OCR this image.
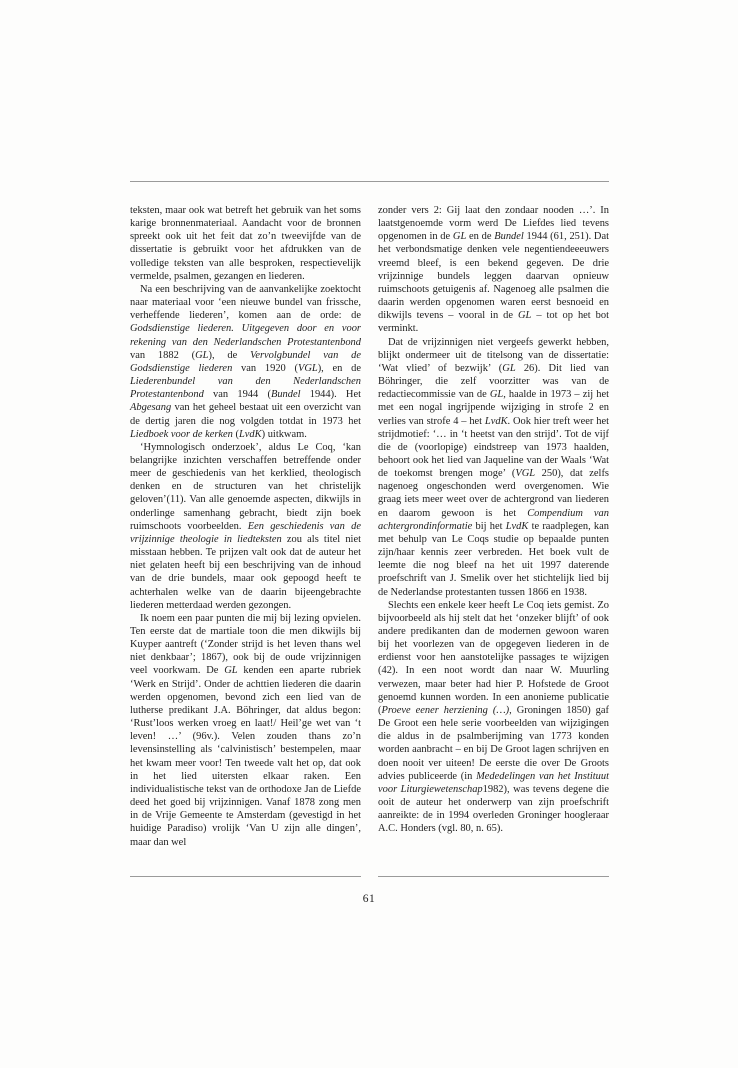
teksten, maar ook wat betreft het gebruik van het soms karige bronnenmateriaal. Aandacht voor de bronnen spreekt ook uit het feit dat zo’n tweevijfde van de dissertatie is gebruikt voor het afdrukken van de volledige teksten van alle besproken, respectievelijk vermelde, psalmen, gezangen en liederen.

Na een beschrijving van de aanvankelijke zoektocht naar materiaal voor ‘een nieuwe bundel van frissche, verheffende liederen’, komen aan de orde: de Godsdienstige liederen. Uitgegeven door en voor rekening van den Nederlandschen Protestantenbond van 1882 (GL), de Vervolgbundel van de Godsdienstige liederen van 1920 (VGL), en de Liederenbundel van den Nederlandschen Protestantenbond van 1944 (Bundel 1944). Het Abgesang van het geheel bestaat uit een overzicht van de dertig jaren die nog volgden totdat in 1973 het Liedboek voor de kerken (LvdK) uitkwam.

‘Hymnologisch onderzoek’, aldus Le Coq, ‘kan belangrijke inzichten verschaffen betreffende onder meer de geschiedenis van het kerklied, theologisch denken en de structuren van het christelijk geloven’(11). Van alle genoemde aspecten, dikwijls in onderlinge samenhang gebracht, biedt zijn boek ruimschoots voorbeelden. Een geschiedenis van de vrijzinnige theologie in liedteksten zou als titel niet misstaan hebben. Te prijzen valt ook dat de auteur het niet gelaten heeft bij een beschrijving van de inhoud van de drie bundels, maar ook gepoogd heeft te achterhalen welke van de daarin bijeengebrachte liederen metterdaad werden gezongen.

Ik noem een paar punten die mij bij lezing opvielen. Ten eerste dat de martiale toon die men dikwijls bij Kuyper aantreft (‘Zonder strijd is het leven thans wel niet denkbaar’; 1867), ook bij de oude vrijzinnigen veel voorkwam. De GL kenden een aparte rubriek ‘Werk en Strijd’. Onder de achttien liederen die daarin werden opgenomen, bevond zich een lied van de lutherse predikant J.A. Böhringer, dat aldus begon: ‘Rust’loos werken vroeg en laat!/ Heil’ge wet van ‘t leven! …’ (96v.). Velen zouden thans zo’n levensinstelling als ‘calvinistisch’ bestempelen, maar het kwam meer voor! Ten tweede valt het op, dat ook in het lied uitersten elkaar raken. Een individualistische tekst van de orthodoxe Jan de Liefde deed het goed bij vrijzinnigen. Vanaf 1878 zong men in de Vrije Gemeente te Amsterdam (gevestigd in het huidige Paradiso) vrolijk ‘Van U zijn alle dingen’, maar dan wel

zonder vers 2: Gij laat den zondaar nooden …’. In laatstgenoemde vorm werd De Liefdes lied tevens opgenomen in de GL en de Bundel 1944 (61, 251). Dat het verbondsmatige denken vele negentiendeeeuwers vreemd bleef, is een bekend gegeven. De drie vrijzinnige bundels leggen daarvan opnieuw ruimschoots getuigenis af. Nagenoeg alle psalmen die daarin werden opgenomen waren eerst besnoeid en dikwijls tevens – vooral in de GL – tot op het bot verminkt.

Dat de vrijzinnigen niet vergeefs gewerkt hebben, blijkt ondermeer uit de titelsong van de dissertatie: ‘Wat vlied’ of bezwijk’ (GL 26). Dit lied van Böhringer, die zelf voorzitter was van de redactiecommissie van de GL, haalde in 1973 – zij het met een nogal ingrijpende wijziging in strofe 2 en verlies van strofe 4 – het LvdK. Ook hier treft weer het strijdmotief: ‘… in ‘t heetst van den strijd’. Tot de vijf die de (voorlopige) eindstreep van 1973 haalden, behoort ook het lied van Jaqueline van der Waals ‘Wat de toekomst brengen moge’ (VGL 250), dat zelfs nagenoeg ongeschonden werd overgenomen. Wie graag iets meer weet over de achtergrond van liederen en daarom gewoon is het Compendium van achtergrondinformatie bij het LvdK te raadplegen, kan met behulp van Le Coqs studie op bepaalde punten zijn/haar kennis zeer verbreden. Het boek vult de leemte die nog bleef na het uit 1997 daterende proefschrift van J. Smelik over het stichtelijk lied bij de Nederlandse protestanten tussen 1866 en 1938.

Slechts een enkele keer heeft Le Coq iets gemist. Zo bijvoorbeeld als hij stelt dat het ‘onzeker blijft’ of ook andere predikanten dan de modernen gewoon waren bij het voorlezen van de opgegeven liederen in de erdienst voor hen aanstotelijke passages te wijzigen (42). In een noot wordt dan naar W. Muurling verwezen, maar beter had hier P. Hofstede de Groot genoemd kunnen worden. In een anonieme publicatie (Proeve eener herziening (…), Groningen 1850) gaf De Groot een hele serie voorbeelden van wijzigingen die aldus in de psalmberijming van 1773 konden worden aanbracht – en bij De Groot lagen schrijven en doen nooit ver uiteen! De eerste die over De Groots advies publiceerde (in Mededelingen van het Instituut voor Liturgiewetenschap1982), was tevens degene die ooit de auteur het onderwerp van zijn proefschrift aanreikte: de in 1994 overleden Groninger hoogleraar A.C. Honders (vgl. 80, n. 65).

61
